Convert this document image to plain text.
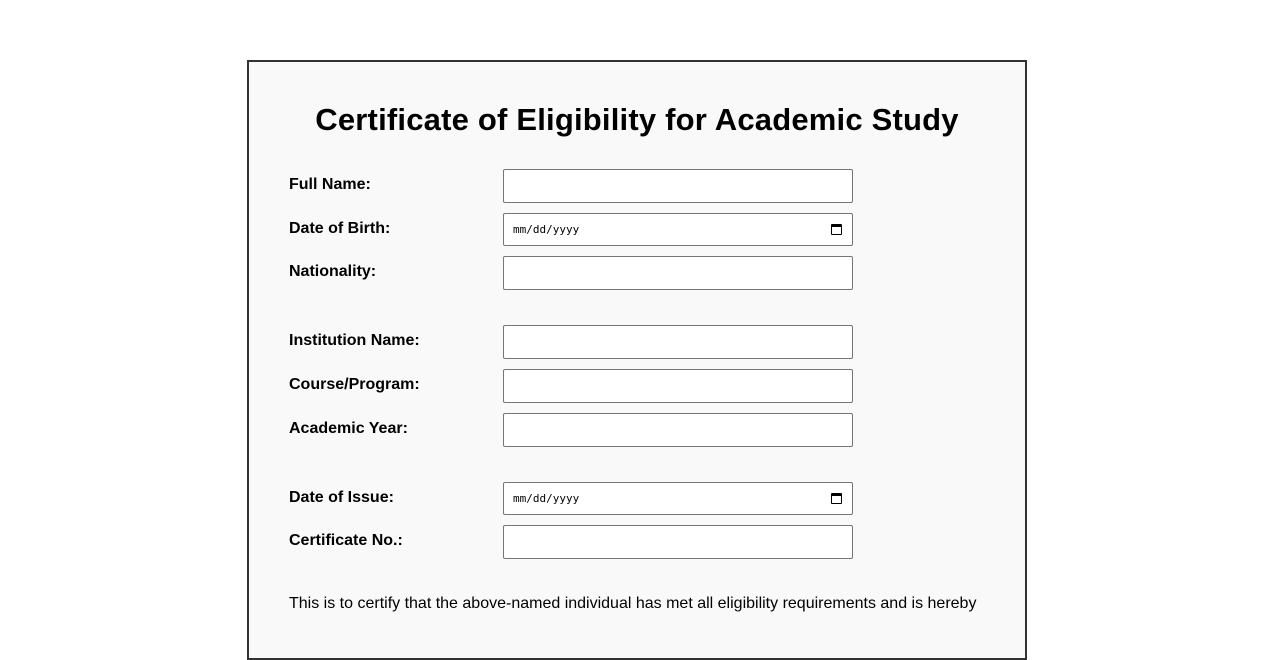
Certificate of Eligibility for Academic Study
Full Name:
Date of Birth:	mm/dd/yyyy
Nationality:
Institution Name:
Course/Program:
Academic Year:
Date of Issue:	mm/dd/yyyy
Certificate No.:

This is to certify that the above-named individual has met all eligibility requirements and is hereby
